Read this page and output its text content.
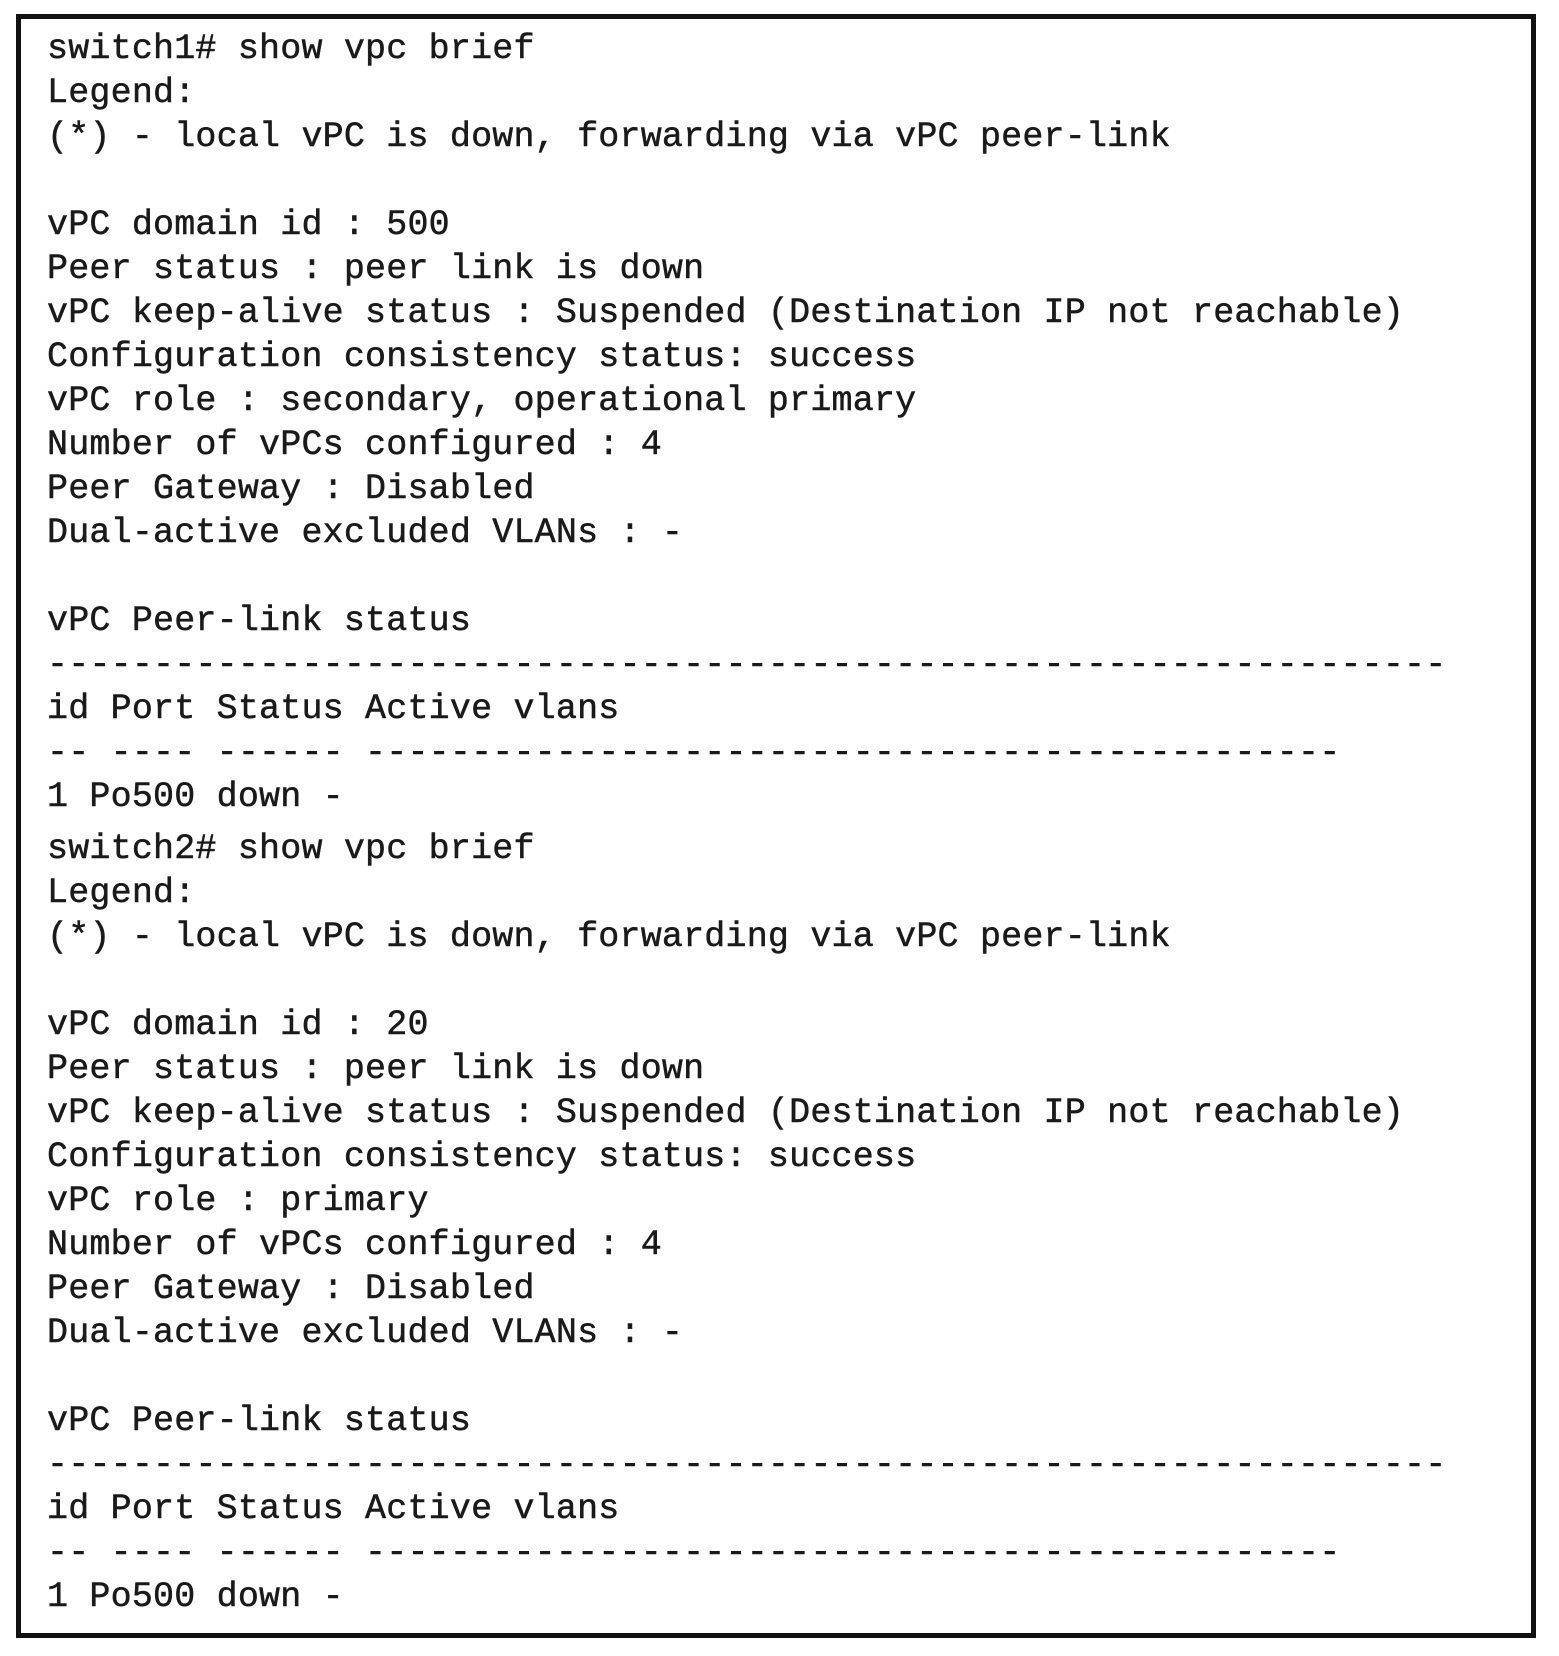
switch1# show vpc brief
Legend:
(*) - local vPC is down, forwarding via vPC peer-link
vPC domain id : 500
Peer status : peer link is down
vPC keep-alive status : Suspended (Destination IP not reachable)
Configuration consistency status: success
vPC role : secondary, operational primary
Number of vPCs configured : 4
Peer Gateway : Disabled
Dual-active excluded VLANs : -
vPC Peer-link status
------------------------------------------------------------------
id Port Status Active vlans
-- ---- ------ ----------------------------------------------
1 Po500 down -
switch2# show vpc brief
Legend:
(*) - local vPC is down, forwarding via vPC peer-link
vPC domain id : 20
Peer status : peer link is down
vPC keep-alive status : Suspended (Destination IP not reachable)
Configuration consistency status: success
vPC role : primary
Number of vPCs configured : 4
Peer Gateway : Disabled
Dual-active excluded VLANs : -
vPC Peer-link status
------------------------------------------------------------------
id Port Status Active vlans
-- ---- ------ ----------------------------------------------
1 Po500 down -
